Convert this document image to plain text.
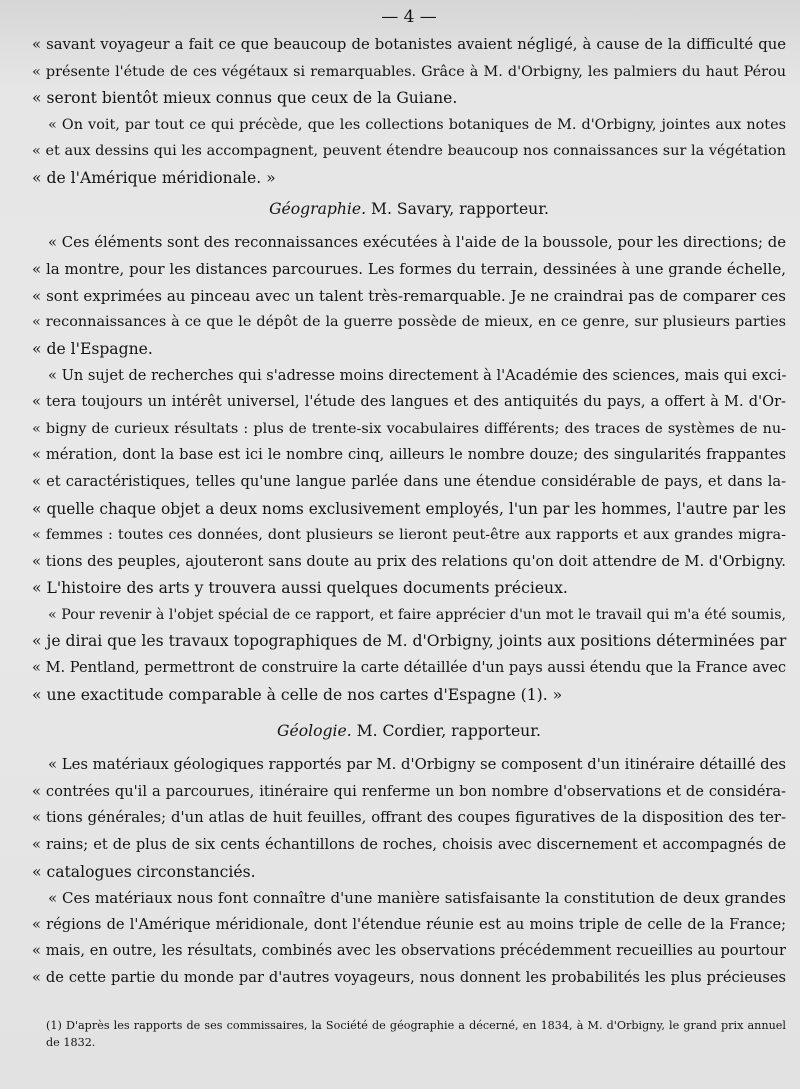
— 4 —
« savant voyageur a fait ce que beaucoup de botanistes avaient négligé, à cause de la difficulté que
« présente l'étude de ces végétaux si remarquables. Grâce à M. d'Orbigny, les palmiers du haut Pérou
« seront bientôt mieux connus que ceux de la Guiane.
« On voit, par tout ce qui précède, que les collections botaniques de M. d'Orbigny, jointes aux notes
« et aux dessins qui les accompagnent, peuvent étendre beaucoup nos connaissances sur la végétation
« de l'Amérique méridionale. »
Géographie. M. Savary, rapporteur.
« Ces éléments sont des reconnaissances exécutées à l'aide de la boussole, pour les directions; de
« la montre, pour les distances parcourues. Les formes du terrain, dessinées à une grande échelle,
« sont exprimées au pinceau avec un talent très-remarquable. Je ne craindrai pas de comparer ces
« reconnaissances à ce que le dépôt de la guerre possède de mieux, en ce genre, sur plusieurs parties
« de l'Espagne.
« Un sujet de recherches qui s'adresse moins directement à l'Académie des sciences, mais qui exci-
« tera toujours un intérêt universel, l'étude des langues et des antiquités du pays, a offert à M. d'Or-
« bigny de curieux résultats : plus de trente-six vocabulaires différents; des traces de systèmes de nu-
« mération, dont la base est ici le nombre cinq, ailleurs le nombre douze; des singularités frappantes
« et caractéristiques, telles qu'une langue parlée dans une étendue considérable de pays, et dans la-
« quelle chaque objet a deux noms exclusivement employés, l'un par les hommes, l'autre par les
« femmes : toutes ces données, dont plusieurs se lieront peut-être aux rapports et aux grandes migra-
« tions des peuples, ajouteront sans doute au prix des relations qu'on doit attendre de M. d'Orbigny.
« L'histoire des arts y trouvera aussi quelques documents précieux.
« Pour revenir à l'objet spécial de ce rapport, et faire apprécier d'un mot le travail qui m'a été soumis,
« je dirai que les travaux topographiques de M. d'Orbigny, joints aux positions déterminées par
« M. Pentland, permettront de construire la carte détaillée d'un pays aussi étendu que la France avec
« une exactitude comparable à celle de nos cartes d'Espagne (1). »
Géologie. M. Cordier, rapporteur.
« Les matériaux géologiques rapportés par M. d'Orbigny se composent d'un itinéraire détaillé des
« contrées qu'il a parcourues, itinéraire qui renferme un bon nombre d'observations et de considéra-
« tions générales; d'un atlas de huit feuilles, offrant des coupes figuratives de la disposition des ter-
« rains; et de plus de six cents échantillons de roches, choisis avec discernement et accompagnés de
« catalogues circonstanciés.
« Ces matériaux nous font connaître d'une manière satisfaisante la constitution de deux grandes
« régions de l'Amérique méridionale, dont l'étendue réunie est au moins triple de celle de la France;
« mais, en outre, les résultats, combinés avec les observations précédemment recueillies au pourtour
« de cette partie du monde par d'autres voyageurs, nous donnent les probabilités les plus précieuses
(1) D'après les rapports de ses commissaires, la Société de géographie a décerné, en 1834, à M. d'Orbigny, le grand prix annuel
de 1832.
